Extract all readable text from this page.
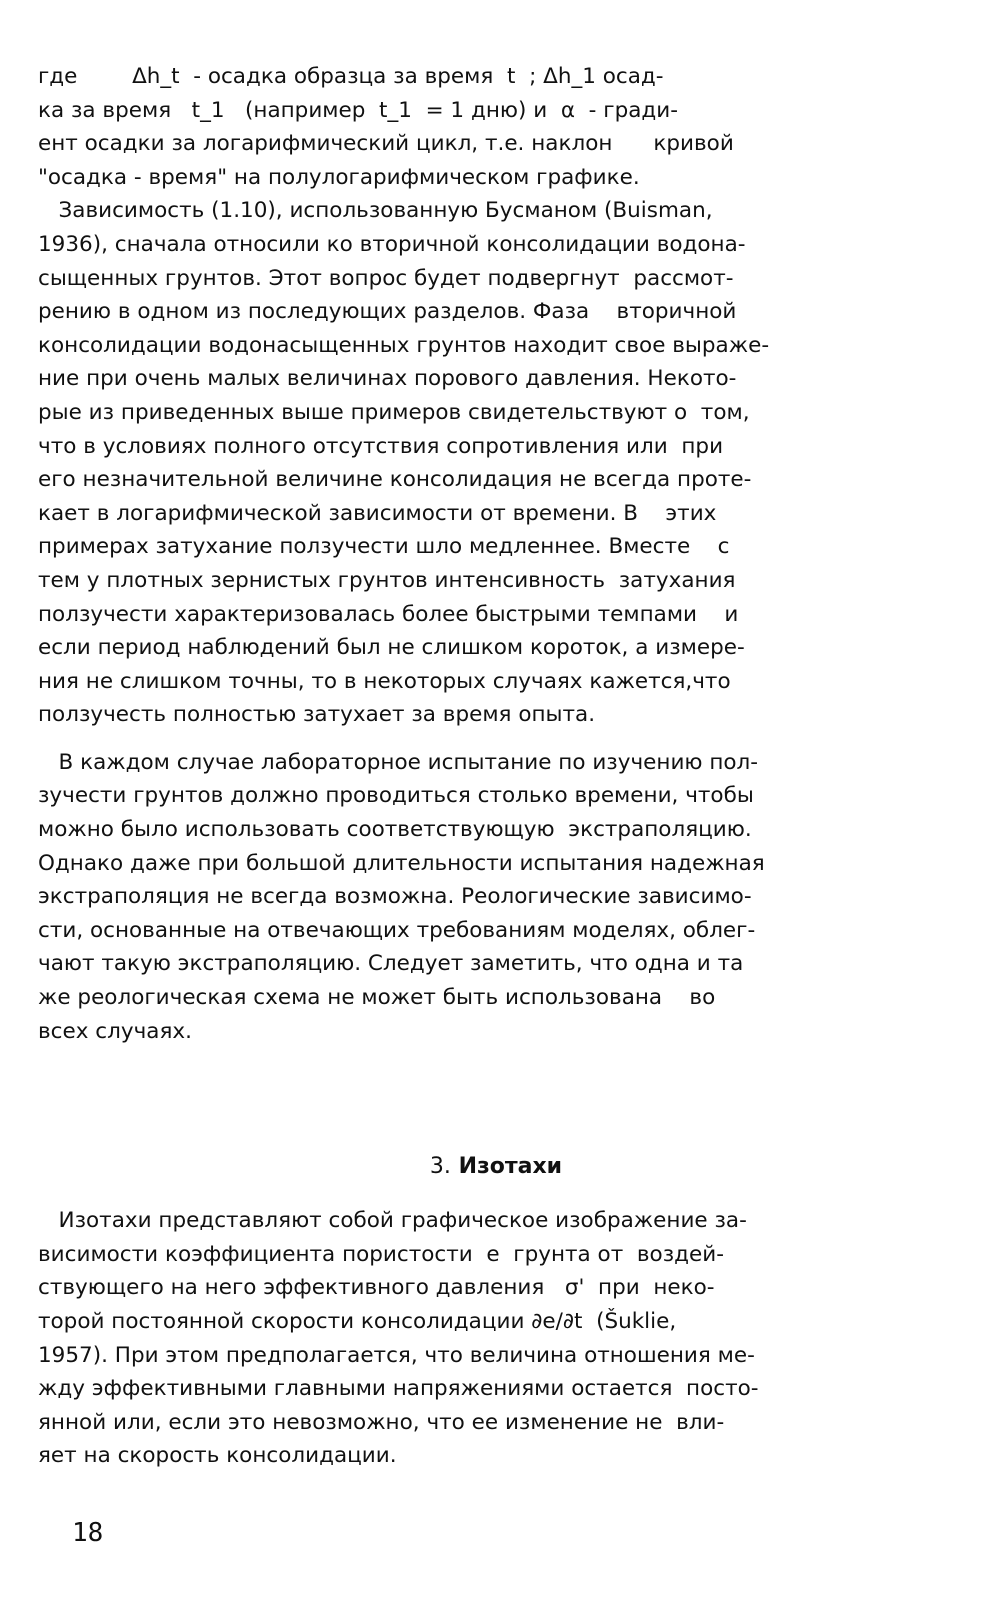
где        Δh_t  - осадка образца за время  t  ; Δh_1 осад-
ка за время   t_1   (например  t_1  = 1 дню) и  α  - гради-
ент осадки за логарифмический цикл, т.е. наклон      кривой
"осадка - время" на полулогарифмическом графике.
Зависимость (1.10), использованную Бусманом (Buisman,
1936), сначала относили ко вторичной консолидации водона-
сыщенных грунтов. Этот вопрос будет подвергнут  рассмот-
рению в одном из последующих разделов. Фаза    вторичной
консолидации водонасыщенных грунтов находит свое выраже-
ние при очень малых величинах порового давления. Некото-
рые из приведенных выше примеров свидетельствуют о  том,
что в условиях полного отсутствия сопротивления или  при
его незначительной величине консолидация не всегда проте-
кает в логарифмической зависимости от времени. В    этих
примерах затухание ползучести шло медленнее. Вместе    с
тем у плотных зернистых грунтов интенсивность  затухания
ползучести характеризовалась более быстрыми темпами    и
если период наблюдений был не слишком короток, а измере-
ния не слишком точны, то в некоторых случаях кажется,что
ползучесть полностью затухает за время опыта.
В каждом случае лабораторное испытание по изучению пол-
зучести грунтов должно проводиться столько времени, чтобы
можно было использовать соответствующую  экстраполяцию.
Однако даже при большой длительности испытания надежная
экстраполяция не всегда возможна. Реологические зависимо-
сти, основанные на отвечающих требованиям моделях, облег-
чают такую экстраполяцию. Следует заметить, что одна и та
же реологическая схема не может быть использована    во
всех случаях.
3. Изотахи
Изотахи представляют собой графическое изображение за-
висимости коэффициента пористости  e  грунта от  воздей-
ствующего на него эффективного давления   σ'  при  неко-
торой постоянной скорости консолидации ∂e/∂t  (Šuklie,
1957). При этом предполагается, что величина отношения ме-
жду эффективными главными напряжениями остается  посто-
янной или, если это невозможно, что ее изменение не  вли-
яет на скорость консолидации.
18
